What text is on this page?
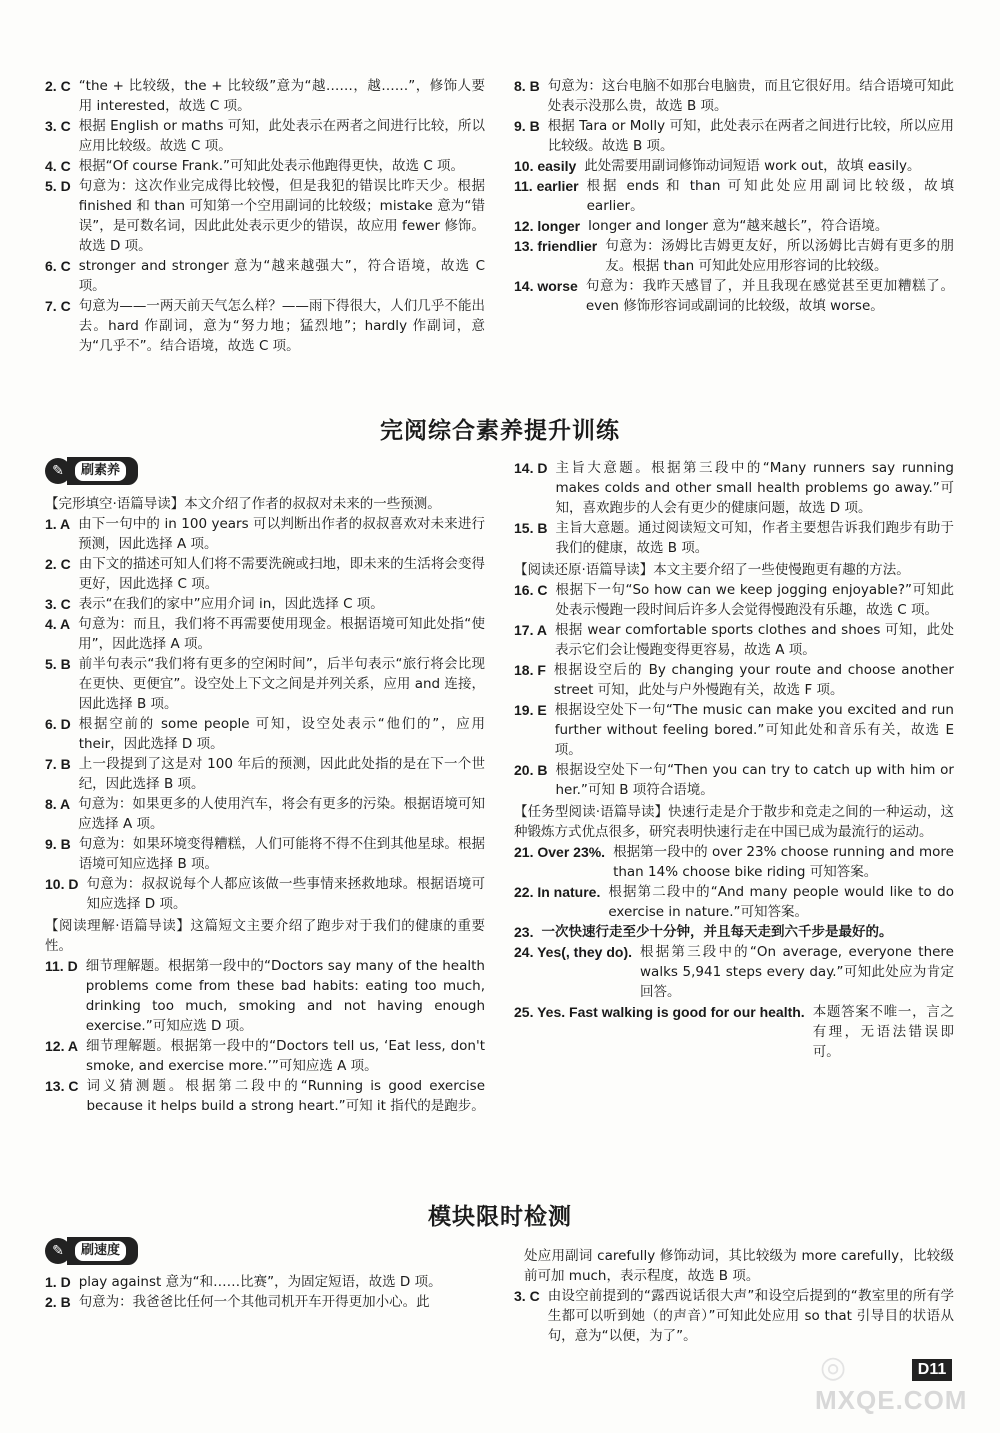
2. C “the + 比较级，the + 比较级”意为“越……，越……”，修饰人要用 interested，故选 C 项。
3. C 根据 English or maths 可知，此处表示在两者之间进行比较，所以应用比较级。故选 C 项。
4. C 根据“Of course Frank.”可知此处表示他跑得更快，故选 C 项。
5. D 句意为：这次作业完成得比较慢，但是我犯的错误比昨天少。根据 finished 和 than 可知第一个空用副词的比较级；mistake 意为“错误”，是可数名词，因此此处表示更少的错误，故应用 fewer 修饰。故选 D 项。
6. C stronger and stronger 意为“越来越强大”，符合语境，故选 C 项。
7. C 句意为——一两天前天气怎么样？——雨下得很大，人们几乎不能出去。hard 作副词，意为“努力地；猛烈地”；hardly 作副词，意为“几乎不”。结合语境，故选 C 项。
8. B 句意为：这台电脑不如那台电脑贵，而且它很好用。结合语境可知此处表示没那么贵，故选 B 项。
9. B 根据 Tara or Molly 可知，此处表示在两者之间进行比较，所以应用比较级。故选 B 项。
10. easily 此处需要用副词修饰动词短语 work out，故填 easily。
11. earlier 根据 ends 和 than 可知此处应用副词比较级，故填 earlier。
12. longer longer and longer 意为“越来越长”，符合语境。
13. friendlier 句意为：汤姆比吉姆更友好，所以汤姆比吉姆有更多的朋友。根据 than 可知此处应用形容词的比较级。
14. worse 句意为：我昨天感冒了，并且我现在感觉甚至更加糟糕了。even 修饰形容词或副词的比较级，故填 worse。
完阅综合素养提升训练
✎	刷素养
【完形填空·语篇导读】本文介绍了作者的叔叔对未来的一些预测。
1. A 由下一句中的 in 100 years 可以判断出作者的叔叔喜欢对未来进行预测，因此选择 A 项。
2. C 由下文的描述可知人们将不需要洗碗或扫地，即未来的生活将会变得更好，因此选择 C 项。
3. C 表示“在我们的家中”应用介词 in，因此选择 C 项。
4. A 句意为：而且，我们将不再需要使用现金。根据语境可知此处指“使用”，因此选择 A 项。
5. B 前半句表示“我们将有更多的空闲时间”，后半句表示“旅行将会比现在更快、更便宜”。设空处上下文之间是并列关系，应用 and 连接，因此选择 B 项。
6. D 根据空前的 some people 可知，设空处表示“他们的”，应用 their，因此选择 D 项。
7. B 上一段提到了这是对 100 年后的预测，因此此处指的是在下一个世纪，因此选择 B 项。
8. A 句意为：如果更多的人使用汽车，将会有更多的污染。根据语境可知应选择 A 项。
9. B 句意为：如果环境变得糟糕，人们可能将不得不住到其他星球。根据语境可知应选择 B 项。
10. D 句意为：叔叔说每个人都应该做一些事情来拯救地球。根据语境可知应选择 D 项。
【阅读理解·语篇导读】这篇短文主要介绍了跑步对于我们的健康的重要性。
11. D 细节理解题。根据第一段中的“Doctors say many of the health problems come from these bad habits: eating too much, drinking too much, smoking and not having enough exercise.”可知应选 D 项。
12. A 细节理解题。根据第一段中的“Doctors tell us, ‘Eat less, don't smoke, and exercise more.’”可知应选 A 项。
13. C 词义猜测题。根据第二段中的“Running is good exercise because it helps build a strong heart.”可知 it 指代的是跑步。
14. D 主旨大意题。根据第三段中的“Many runners say running makes colds and other small health problems go away.”可知，喜欢跑步的人会有更少的健康问题，故选 D 项。
15. B 主旨大意题。通过阅读短文可知，作者主要想告诉我们跑步有助于我们的健康，故选 B 项。
【阅读还原·语篇导读】本文主要介绍了一些使慢跑更有趣的方法。
16. C 根据下一句“So how can we keep jogging enjoyable?”可知此处表示慢跑一段时间后许多人会觉得慢跑没有乐趣，故选 C 项。
17. A 根据 wear comfortable sports clothes and shoes 可知，此处表示它们会让慢跑变得更容易，故选 A 项。
18. F 根据设空后的 By changing your route and choose another street 可知，此处与户外慢跑有关，故选 F 项。
19. E 根据设空处下一句“The music can make you excited and run further without feeling bored.”可知此处和音乐有关，故选 E 项。
20. B 根据设空处下一句“Then you can try to catch up with him or her.”可知 B 项符合语境。
【任务型阅读·语篇导读】快速行走是介于散步和竞走之间的一种运动，这种锻炼方式优点很多，研究表明快速行走在中国已成为最流行的运动。
21. Over 23%. 根据第一段中的 over 23% choose running and more than 14% choose bike riding 可知答案。
22. In nature. 根据第二段中的“And many people would like to do exercise in nature.”可知答案。
23. 一次快速行走至少十分钟，并且每天走到六千步是最好的。
24. Yes(, they do). 根据第三段中的“On average, everyone there walks 5,941 steps every day.”可知此处应为肯定回答。
25. Yes. Fast walking is good for our health. 本题答案不唯一，言之有理，无语法错误即可。
模块限时检测
✎	刷速度
1. D play against 意为“和……比赛”，为固定短语，故选 D 项。
2. B 句意为：我爸爸比任何一个其他司机开车开得更加小心。此
处应用副词 carefully 修饰动词，其比较级为 more carefully，比较级前可加 much，表示程度，故选 B 项。
3. C 由设空前提到的“露西说话很大声”和设空后提到的“教室里的所有学生都可以听到她（的声音）”可知此处应用 so that 引导目的状语从句，意为“以便，为了”。
D11
◎
MXQE.COM
